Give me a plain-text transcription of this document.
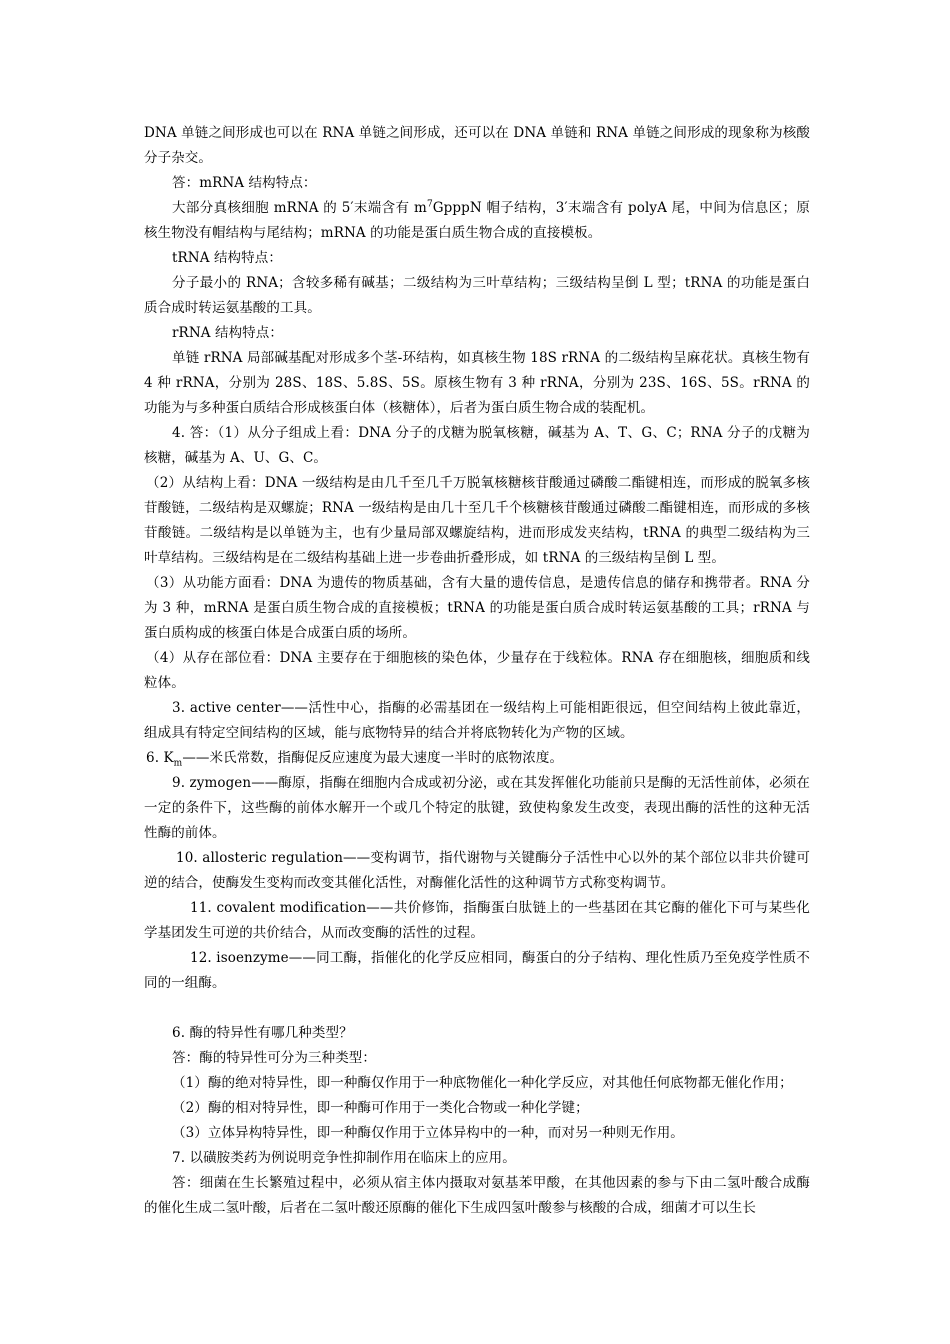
DNA 单链之间形成也可以在 RNA 单链之间形成，还可以在 DNA 单链和 RNA 单链之间形成的现象称为核酸分子杂交。

答：mRNA 结构特点：

大部分真核细胞 mRNA 的 5′末端含有 $m^7GpppN$ 帽子结构，3′末端含有 polyA 尾，中间为信息区；原核生物没有帽结构与尾结构；mRNA 的功能是蛋白质生物合成的直接模板。

tRNA 结构特点：

分子最小的 RNA；含较多稀有碱基；二级结构为三叶草结构；三级结构呈倒 L 型；tRNA 的功能是蛋白质合成时转运氨基酸的工具。

rRNA 结构特点：

单链 rRNA 局部碱基配对形成多个茎-环结构，如真核生物 18S rRNA 的二级结构呈麻花状。真核生物有 4 种 rRNA，分别为 28S、18S、5.8S、5S。原核生物有 3 种 rRNA，分别为 23S、16S、5S。rRNA 的功能为与多种蛋白质结合形成核蛋白体（核糖体），后者为蛋白质生物合成的装配机。

4. 答：（1）从分子组成上看：DNA 分子的戊糖为脱氧核糖，碱基为 A、T、G、C；RNA 分子的戊糖为核糖，碱基为 A、U、G、C。

（2）从结构上看：DNA 一级结构是由几千至几千万脱氧核糖核苷酸通过磷酸二酯键相连，而形成的脱氧多核苷酸链，二级结构是双螺旋；RNA 一级结构是由几十至几千个核糖核苷酸通过磷酸二酯键相连，而形成的多核苷酸链。二级结构是以单链为主，也有少量局部双螺旋结构，进而形成发夹结构，tRNA 的典型二级结构为三叶草结构。三级结构是在二级结构基础上进一步卷曲折叠形成，如 tRNA 的三级结构呈倒 L 型。

（3）从功能方面看：DNA 为遗传的物质基础，含有大量的遗传信息，是遗传信息的储存和携带者。RNA 分为 3 种，mRNA 是蛋白质生物合成的直接模板；tRNA 的功能是蛋白质合成时转运氨基酸的工具；rRNA 与蛋白质构成的核蛋白体是合成蛋白质的场所。

（4）从存在部位看：DNA 主要存在于细胞核的染色体，少量存在于线粒体。RNA 存在细胞核，细胞质和线粒体。

3. active center——活性中心，指酶的必需基团在一级结构上可能相距很远，但空间结构上彼此靠近，组成具有特定空间结构的区域，能与底物特异的结合并将底物转化为产物的区域。

6. $K_m——$米氏常数，指酶促反应速度为最大速度一半时的底物浓度。

9. zymogen——酶原，指酶在细胞内合成或初分泌，或在其发挥催化功能前只是酶的无活性前体，必须在一定的条件下，这些酶的前体水解开一个或几个特定的肽键，致使构象发生改变，表现出酶的活性的这种无活性酶的前体。

10. allosteric regulation——变构调节，指代谢物与关键酶分子活性中心以外的某个部位以非共价键可逆的结合，使酶发生变构而改变其催化活性，对酶催化活性的这种调节方式称变构调节。

11. covalent modification——共价修饰，指酶蛋白肽链上的一些基团在其它酶的催化下可与某些化学基团发生可逆的共价结合，从而改变酶的活性的过程。

12. isoenzyme——同工酶，指催化的化学反应相同，酶蛋白的分子结构、理化性质乃至免疫学性质不同的一组酶。

6. 酶的特异性有哪几种类型？

答：酶的特异性可分为三种类型：

（1）酶的绝对特异性，即一种酶仅作用于一种底物催化一种化学反应，对其他任何底物都无催化作用；

（2）酶的相对特异性，即一种酶可作用于一类化合物或一种化学键；

（3）立体异构特异性，即一种酶仅作用于立体异构中的一种，而对另一种则无作用。

7. 以磺胺类药为例说明竞争性抑制作用在临床上的应用。

答：细菌在生长繁殖过程中，必须从宿主体内摄取对氨基苯甲酸，在其他因素的参与下由二氢叶酸合成酶的催化生成二氢叶酸，后者在二氢叶酸还原酶的催化下生成四氢叶酸参与核酸的合成，细菌才可以生长
